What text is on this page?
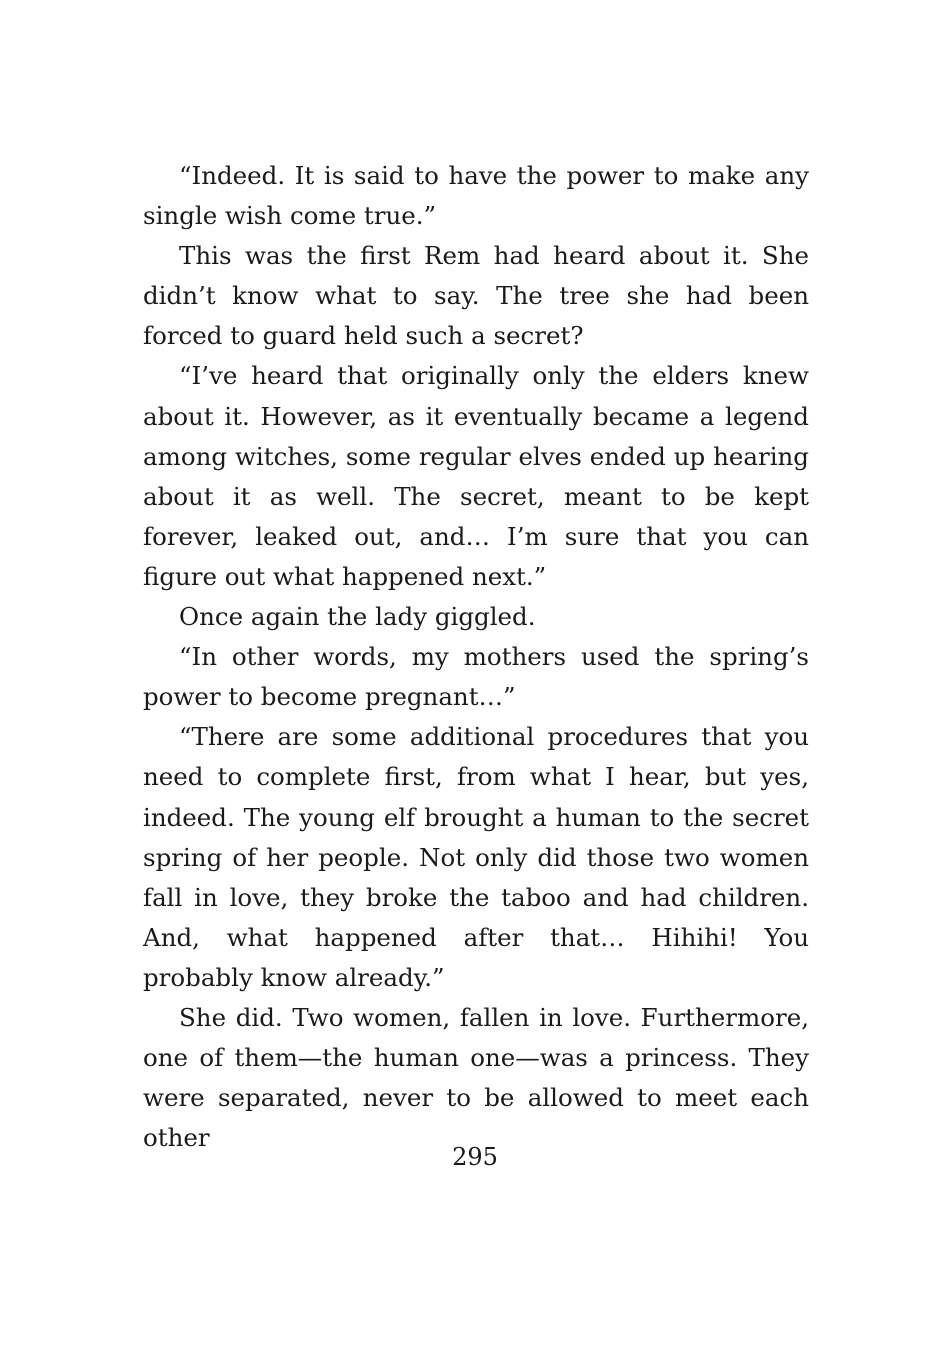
“Indeed. It is said to have the power to make any single wish come true.”

This was the first Rem had heard about it. She didn’t know what to say. The tree she had been forced to guard held such a secret?

“I’ve heard that originally only the elders knew about it. However, as it eventually became a legend among witches, some regular elves ended up hearing about it as well. The secret, meant to be kept forever, leaked out, and… I’m sure that you can figure out what happened next.”

Once again the lady giggled.

“In other words, my mothers used the spring’s power to become pregnant…”

“There are some additional procedures that you need to complete first, from what I hear, but yes, indeed. The young elf brought a human to the secret spring of her people. Not only did those two women fall in love, they broke the taboo and had children. And, what happened after that… Hihihi! You probably know already.”

She did. Two women, fallen in love. Furthermore, one of them—the human one—was a princess. They were separated, never to be allowed to meet each other

295
